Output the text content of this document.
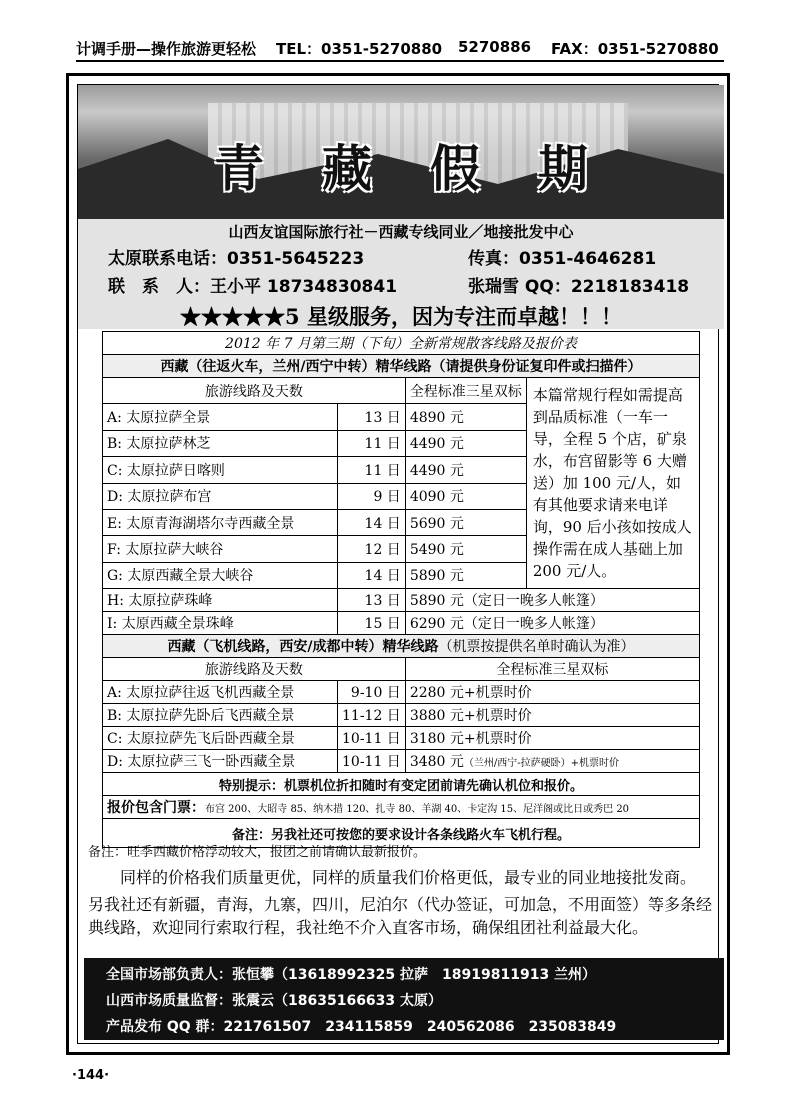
计调手册—操作旅游更轻松 TEL：0351-5270880 5270886 FAX：0351-5270880
青藏假期
山西友谊国际旅行社－西藏专线同业／地接批发中心
太原联系电话：0351-5645223	传真：0351-4646281
联　系　人：王小平 18734830841	张瑞雪 QQ：2218183418
★★★★★5 星级服务，因为专注而卓越！！！
2012 年 7 月第三期（下旬）全新常规散客线路及报价表			
西藏（往返火车，兰州/西宁中转）精华线路（请提供身份证复印件或扫描件）			
旅游线路及天数		全程标准三星双标	本篇常规行程如需提高到品质标准（一车一导，全程 5 个店，矿泉水，布宫留影等 6 大赠送）加 100 元/人，如有其他要求请来电详询，90 后小孩如按成人操作需在成人基础上加 200 元/人。
A: 太原拉萨全景	13 日	4890 元	
B: 太原拉萨林芝	11 日	4490 元	
C: 太原拉萨日喀则	11 日	4490 元	
D: 太原拉萨布宫	9 日	4090 元	
E: 太原青海湖塔尔寺西藏全景	14 日	5690 元	
F: 太原拉萨大峡谷	12 日	5490 元	
G: 太原西藏全景大峡谷	14 日	5890 元	
H: 太原拉萨珠峰	13 日	5890 元（定日一晚多人帐篷）	
I: 太原西藏全景珠峰	15 日	6290 元（定日一晚多人帐篷）	
西藏（飞机线路，西安/成都中转）精华线路（机票按提供名单时确认为准）			
旅游线路及天数		全程标准三星双标	
A: 太原拉萨往返飞机西藏全景	9-10 日	2280 元+机票时价	
B: 太原拉萨先卧后飞西藏全景	11-12 日	3880 元+机票时价	
C: 太原拉萨先飞后卧西藏全景	10-11 日	3180 元+机票时价	
D: 太原拉萨三飞一卧西藏全景	10-11 日	3480 元（兰州/西宁-拉萨硬卧）+机票时价	
特别提示：机票机位折扣随时有变定团前请先确认机位和报价。			
报价包含门票：布宫 200、大昭寺 85、纳木措 120、扎寺 80、羊湖 40、卡定沟 15、尼洋阁或比日或秀巴 20			
备注：另我社还可按您的要求设计各条线路火车飞机行程。			
备注：旺季西藏价格浮动较大，报团之前请确认最新报价。
同样的价格我们质量更优，同样的质量我们价格更低，最专业的同业地接批发商。
另我社还有新疆，青海，九寨，四川，尼泊尔（代办签证，可加急，不用面签）等多条经典线路，欢迎同行索取行程，我社绝不介入直客市场，确保组团社利益最大化。
全国市场部负责人：张恒攀（13618992325 拉萨　18919811913 兰州）
山西市场质量监督：张震云（18635166633 太原）
产品发布 QQ 群：221761507　234115859　240562086　235083849
·144·
